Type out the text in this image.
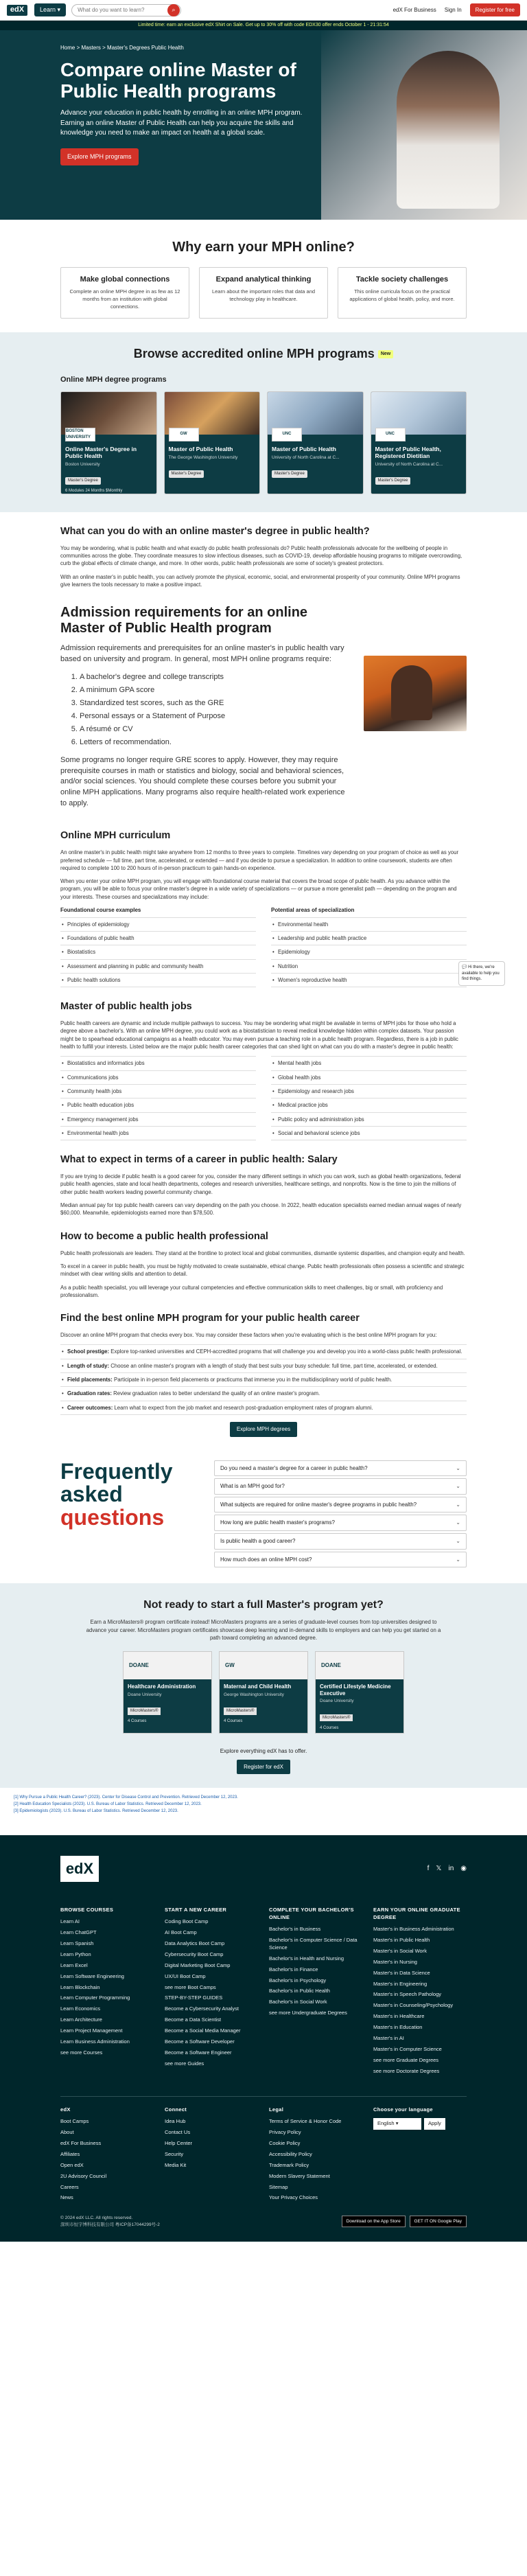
edX	Learn ▾
What do you want to learn?	⌕	edX For Business Sign In	Register for free
Limited time: earn an exclusive edX Shirt on Sale. Get up to 30% off with code EDX30 offer ends October 1 - 21:31:54
Home > Masters > Master's Degrees Public Health
Compare online Master of Public Health programs

Advance your education in public health by enrolling in an online MPH program. Earning an online Master of Public Health can help you acquire the skills and knowledge you need to make an impact on health at a global scale.

Explore MPH programs
Why earn your MPH online?
Make global connections

Complete an online MPH degree in as few as 12 months from an institution with global connections.

Expand analytical thinking

Learn about the important roles that data and technology play in healthcare.

Tackle society challenges

This online curricula focus on the practical applications of global health, policy, and more.

Browse accredited online MPH programs New
Online MPH degree programs
BOSTON UNIVERSITY
Online Master's Degree in Public Health
Boston University
Master's Degree
6 Modules 24 Months $Monthly
GW
Master of Public Health
The George Washington University
Master's Degree
UNC
Master of Public Health
University of North Carolina at C...
Master's Degree
UNC
Master of Public Health, Registered Dietitian
University of North Carolina at C...
Master's Degree
What can you do with an online master's degree in public health?

You may be wondering, what is public health and what exactly do public health professionals do? Public health professionals advocate for the wellbeing of people in communities across the globe. They coordinate measures to slow infectious diseases, such as COVID-19, develop affordable housing programs to mitigate overcrowding, curb the global effects of climate change, and more. In other words, public health professionals are some of society's greatest protectors.

With an online master's in public health, you can actively promote the physical, economic, social, and environmental prosperity of your community. Online MPH programs give learners the tools necessary to make a positive impact.

Admission requirements for an online Master of Public Health program

Admission requirements and prerequisites for an online master's in public health vary based on university and program. In general, most MPH online programs require:

1. A bachelor's degree and college transcripts
2. A minimum GPA score
3. Standardized test scores, such as the GRE
4. Personal essays or a Statement of Purpose
5. A résumé or CV
6. Letters of recommendation.

Some programs no longer require GRE scores to apply. However, they may require prerequisite courses in math or statistics and biology, social and behavioral sciences, and/or social sciences. You should complete these courses before you submit your online MPH applications. Many programs also require health-related work experience to apply.

Online MPH curriculum

An online master's in public health might take anywhere from 12 months to three years to complete. Timelines vary depending on your program of choice as well as your preferred schedule — full time, part time, accelerated, or extended — and if you decide to pursue a specialization. In addition to online coursework, students are often required to complete 100 to 200 hours of in-person practicum to gain hands-on experience.

When you enter your online MPH program, you will engage with foundational course material that covers the broad scope of public health. As you advance within the program, you will be able to focus your online master's degree in a wide variety of specializations — or pursue a more generalist path — depending on the program and your interests. These courses and specializations may include:

Foundational course examples
• Principles of epidemiology
• Foundations of public health
• Biostatistics
• Assessment and planning in public and community health
• Public health solutions
Potential areas of specialization
• Environmental health
• Leadership and public health practice
• Epidemiology
• Nutrition
• Women's reproductive health
Master of public health jobs

Public health careers are dynamic and include multiple pathways to success. You may be wondering what might be available in terms of MPH jobs for those who hold a degree above a bachelor's. With an online MPH degree, you could work as a biostatistician to reveal medical knowledge hidden within complex datasets. Your passion might be to spearhead educational campaigns as a health educator. You may even pursue a teaching role in a public health program. Regardless, there is a job in public health to fulfill your interests. Listed below are the major public health career categories that can shed light on what can you do with a master's degree in public health:

• Biostatistics and informatics jobs
• Communications jobs
• Community health jobs
• Public health education jobs
• Emergency management jobs
• Environmental health jobs
• Mental health jobs
• Global health jobs
• Epidemiology and research jobs
• Medical practice jobs
• Public policy and administration jobs
• Social and behavioral science jobs
What to expect in terms of a career in public health: Salary

If you are trying to decide if public health is a good career for you, consider the many different settings in which you can work, such as global health organizations, federal public health agencies, state and local health departments, colleges and research universities, healthcare settings, and nonprofits. Now is the time to join the millions of other public health workers leading powerful community change.

Median annual pay for top public health careers can vary depending on the path you choose. In 2022, health education specialists earned median annual wages of nearly $60,000. Meanwhile, epidemiologists earned more than $78,500.

How to become a public health professional

Public health professionals are leaders. They stand at the frontline to protect local and global communities, dismantle systemic disparities, and champion equity and health.

To excel in a career in public health, you must be highly motivated to create sustainable, ethical change. Public health professionals often possess a scientific and strategic mindset with clear writing skills and attention to detail.

As a public health specialist, you will leverage your cultural competencies and effective communication skills to meet challenges, big or small, with proficiency and professionalism.

Find the best online MPH program for your public health career

Discover an online MPH program that checks every box. You may consider these factors when you're evaluating which is the best online MPH program for you:

• School prestige: Explore top-ranked universities and CEPH-accredited programs that will challenge you and develop you into a world-class public health professional.
• Length of study: Choose an online master's program with a length of study that best suits your busy schedule: full time, part time, accelerated, or extended.
• Field placements: Participate in in-person field placements or practicums that immerse you in the multidisciplinary world of public health.
• Graduation rates: Review graduation rates to better understand the quality of an online master's program.
• Career outcomes: Learn what to expect from the job market and research post-graduation employment rates of program alumni.
Explore MPH degrees
Frequently
asked
questions
Do you need a master's degree for a career in public health?	⌄
What is an MPH good for?	⌄
What subjects are required for online master's degree programs in public health?	⌄
How long are public health master's programs?	⌄
Is public health a good career?	⌄
How much does an online MPH cost?	⌄
Not ready to start a full Master's program yet?

Earn a MicroMasters® program certificate instead! MicroMasters programs are a series of graduate-level courses from top universities designed to advance your career. MicroMasters program certificates showcase deep learning and in-demand skills to employers and can help you get started on a path toward completing an advanced degree.

DOANE
Healthcare Administration
Doane University
MicroMasters®
4 Courses
GW
Maternal and Child Health
George Washington University
MicroMasters®
4 Courses
DOANE
Certified Lifestyle Medicine Executive
Doane University
MicroMasters®
4 Courses
Explore everything edX has to offer.
Register for edX
[1] Why Pursue a Public Health Career? (2023). Center for Disease Control and Prevention. Retrieved December 12, 2023.
[2] Health Education Specialists (2023). U.S. Bureau of Labor Statistics. Retrieved December 12, 2023.
[3] Epidemiologists (2023). U.S. Bureau of Labor Statistics. Retrieved December 12, 2023.
edX	f 𝕏 in ◉
BROWSE COURSES
Learn AI
Learn ChatGPT
Learn Spanish
Learn Python
Learn Excel
Learn Software Engineering
Learn Blockchain
Learn Computer Programming
Learn Economics
Learn Architecture
Learn Project Management
Learn Business Administration
see more Courses
START A NEW CAREER
Coding Boot Camp
AI Boot Camp
Data Analytics Boot Camp
Cybersecurity Boot Camp
Digital Marketing Boot Camp
UX/UI Boot Camp
see more Boot Camps
STEP-BY-STEP GUIDES
Become a Cybersecurity Analyst
Become a Data Scientist
Become a Social Media Manager
Become a Software Developer
Become a Software Engineer
see more Guides
COMPLETE YOUR BACHELOR'S ONLINE
Bachelor's in Business
Bachelor's in Computer Science / Data Science
Bachelor's in Health and Nursing
Bachelor's in Finance
Bachelor's in Psychology
Bachelor's in Public Health
Bachelor's in Social Work
see more Undergraduate Degrees
EARN YOUR ONLINE GRADUATE DEGREE
Master's in Business Administration
Master's in Public Health
Master's in Social Work
Master's in Nursing
Master's in Data Science
Master's in Engineering
Master's in Speech Pathology
Master's in Counseling/Psychology
Master's in Healthcare
Master's in Education
Master's in AI
Master's in Computer Science
see more Graduate Degrees
see more Doctorate Degrees
edX
Boot Camps
About
edX For Business
Affiliates
Open edX
2U Advisory Council
Careers
News
Connect
Idea Hub
Contact Us
Help Center
Security
Media Kit
Legal
Terms of Service & Honor Code
Privacy Policy
Cookie Policy
Accessibility Policy
Trademark Policy
Modern Slavery Statement
Sitemap
Your Privacy Choices
Choose your language
English ▾	Apply
© 2024 edX LLC. All rights reserved.
深圳市恒宇博科技有限公司 粤ICP备17044299号-2
Download on the App Store	GET IT ON Google Play
💬 Hi there, we're available to help you find things.
